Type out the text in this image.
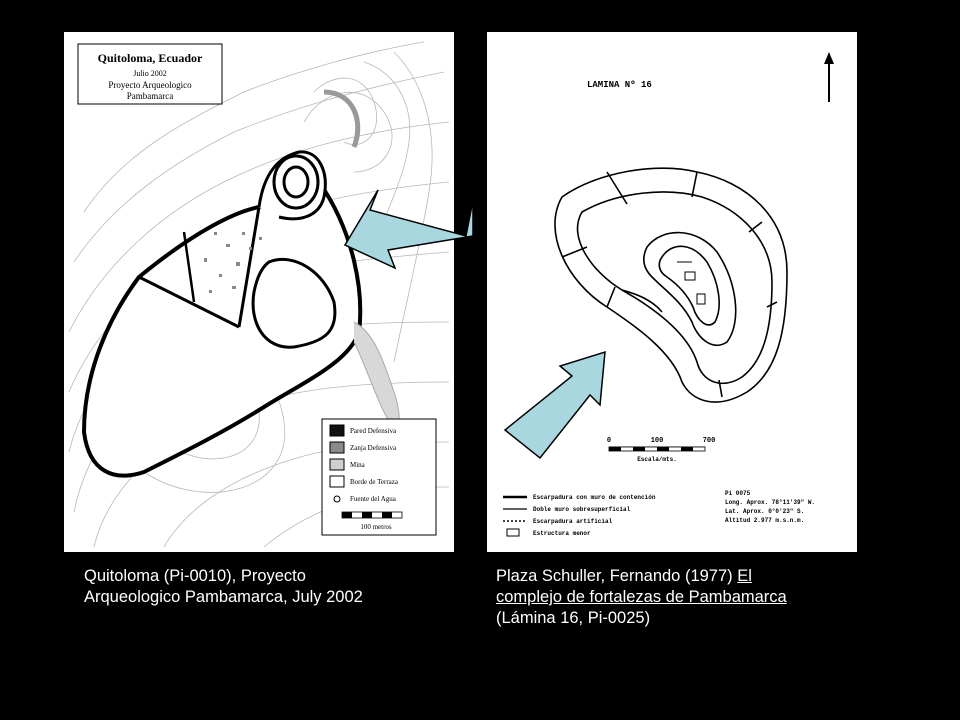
Quitoloma, Ecuador
Julio 2002
Proyecto Arqueologico
Pambamarca
Pared Defensiva
Zanja Defensiva
Mina
Borde de Terraza
Fuente del Agua
100 metros
LAMINA Nº 16
0	100	700
Escala/mts.
Escarpadura con muro de contención
Doble muro sobresuperficial
Escarpadura artificial
Estructura menor
Pi 0075
Long. Aprox. 78°11'39" W.
Lat. Aprox. 0°0'23" S.
Altitud 2.977 m.s.n.m.
Quitoloma (Pi-0010), Proyecto
Arqueologico Pambamarca, July 2002
Plaza Schuller, Fernando (1977) El
complejo de fortalezas de Pambamarca
(Lámina 16, Pi-0025)
